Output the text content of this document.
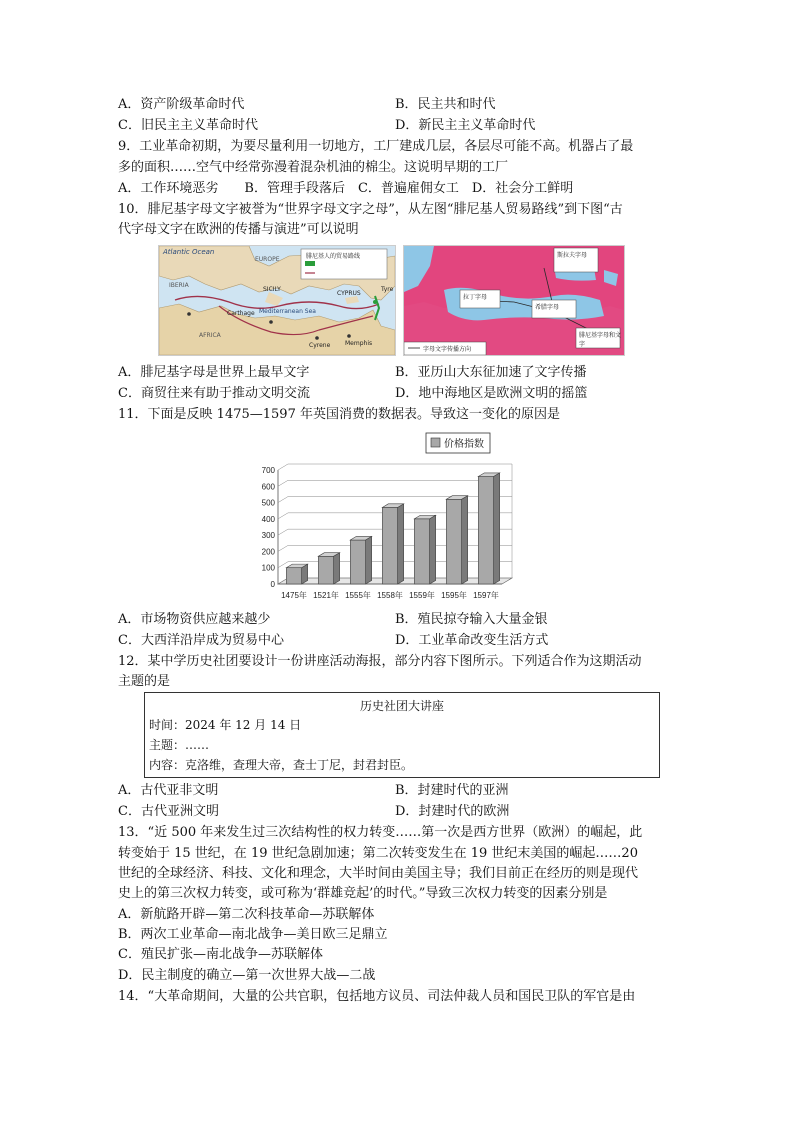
A．资产阶级革命时代	B．民主共和时代
C．旧民主主义革命时代	D．新民主主义革命时代
9．工业革命初期，为要尽量利用一切地方，工厂建成几层，各层尽可能不高。机器占了最
多的面积……空气中经常弥漫着混杂机油的棉尘。这说明早期的工厂
A．工作环境恶劣　　B．管理手段落后　C．普遍雇佣女工　D．社会分工鲜明
10．腓尼基字母文字被誉为“世界字母文字之母”，从左图“腓尼基人贸易路线”到下图“古
代字母文字在欧洲的传播与演进”可以说明
Atlantic Ocean
EUROPE
IBERIA
AFRICA
Mediterranean Sea
Carthage
SICILY
CYPRUS
Memphis
Cyrene
Tyre
腓尼基人的贸易路线	斯拉夫字母
拉丁字母
希腊字母
腓尼基字母和文字
字母文字传播方向
A．腓尼基字母是世界上最早文字	B．亚历山大东征加速了文字传播
C．商贸往来有助于推动文明交流	D．地中海地区是欧洲文明的摇篮
11．下面是反映 1475—1597 年英国消费的数据表。导致这一变化的原因是
0
100
200
300
400
500
600
700
1475年 1521年 1555年 1558年 1559年 1595年 1597年
价格指数
A．市场物资供应越来越少	B．殖民掠夺输入大量金银
C．大西洋沿岸成为贸易中心	D．工业革命改变生活方式
12．某中学历史社团要设计一份讲座活动海报，部分内容下图所示。下列适合作为这期活动
主题的是
历史社团大讲座
时间：2024 年 12 月 14 日
主题：……
内容：克洛维，查理大帝，查士丁尼，封君封臣。
A．古代亚非文明	B．封建时代的亚洲
C．古代亚洲文明	D．封建时代的欧洲
13．“近 500 年来发生过三次结构性的权力转变……第一次是西方世界（欧洲）的崛起，此
转变始于 15 世纪，在 19 世纪急剧加速；第二次转变发生在 19 世纪末美国的崛起……20
世纪的全球经济、科技、文化和理念，大半时间由美国主导；我们目前正在经历的则是现代
史上的第三次权力转变，或可称为‘群雄竞起’的时代。”导致三次权力转变的因素分别是
A．新航路开辟—第二次科技革命—苏联解体
B．两次工业革命—南北战争—美日欧三足鼎立
C．殖民扩张—南北战争—苏联解体
D．民主制度的确立—第一次世界大战—二战
14．“大革命期间，大量的公共官职，包括地方议员、司法仲裁人员和国民卫队的军官是由
